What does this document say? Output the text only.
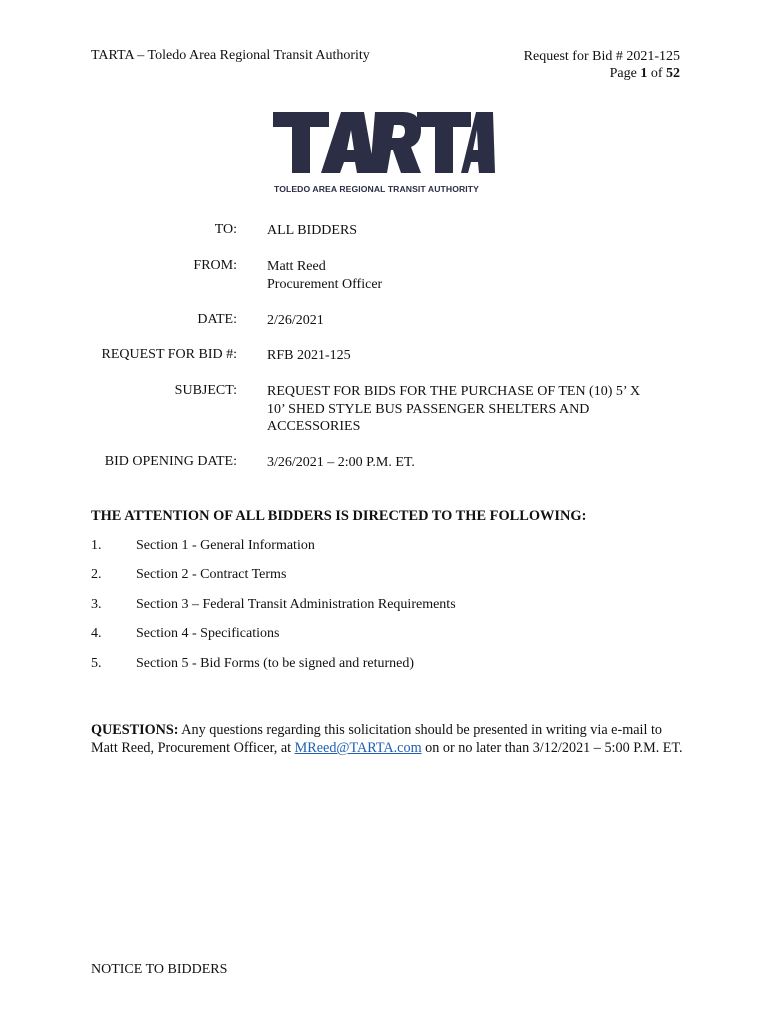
TARTA – Toledo Area Regional Transit Authority	Request for Bid # 2021-125
Page 1 of 52
TOLEDO AREA REGIONAL TRANSIT AUTHORITY
TO: ALL BIDDERS
FROM: Matt Reed
Procurement Officer
DATE: 2/26/2021
REQUEST FOR BID #: RFB 2021-125
SUBJECT: REQUEST FOR BIDS FOR THE PURCHASE OF TEN (10) 5’ X
10’ SHED STYLE BUS PASSENGER SHELTERS AND
ACCESSORIES
BID OPENING DATE: 3/26/2021 – 2:00 P.M. ET.
THE ATTENTION OF ALL BIDDERS IS DIRECTED TO THE FOLLOWING:
1. Section 1 - General Information
2. Section 2 - Contract Terms
3. Section 3 – Federal Transit Administration Requirements
4. Section 4 - Specifications
5. Section 5 - Bid Forms (to be signed and returned)
QUESTIONS: Any questions regarding this solicitation should be presented in writing via e-mail to Matt Reed, Procurement Officer, at MReed@TARTA.com on or no later than 3/12/2021 – 5:00 P.M. ET.
NOTICE TO BIDDERS
